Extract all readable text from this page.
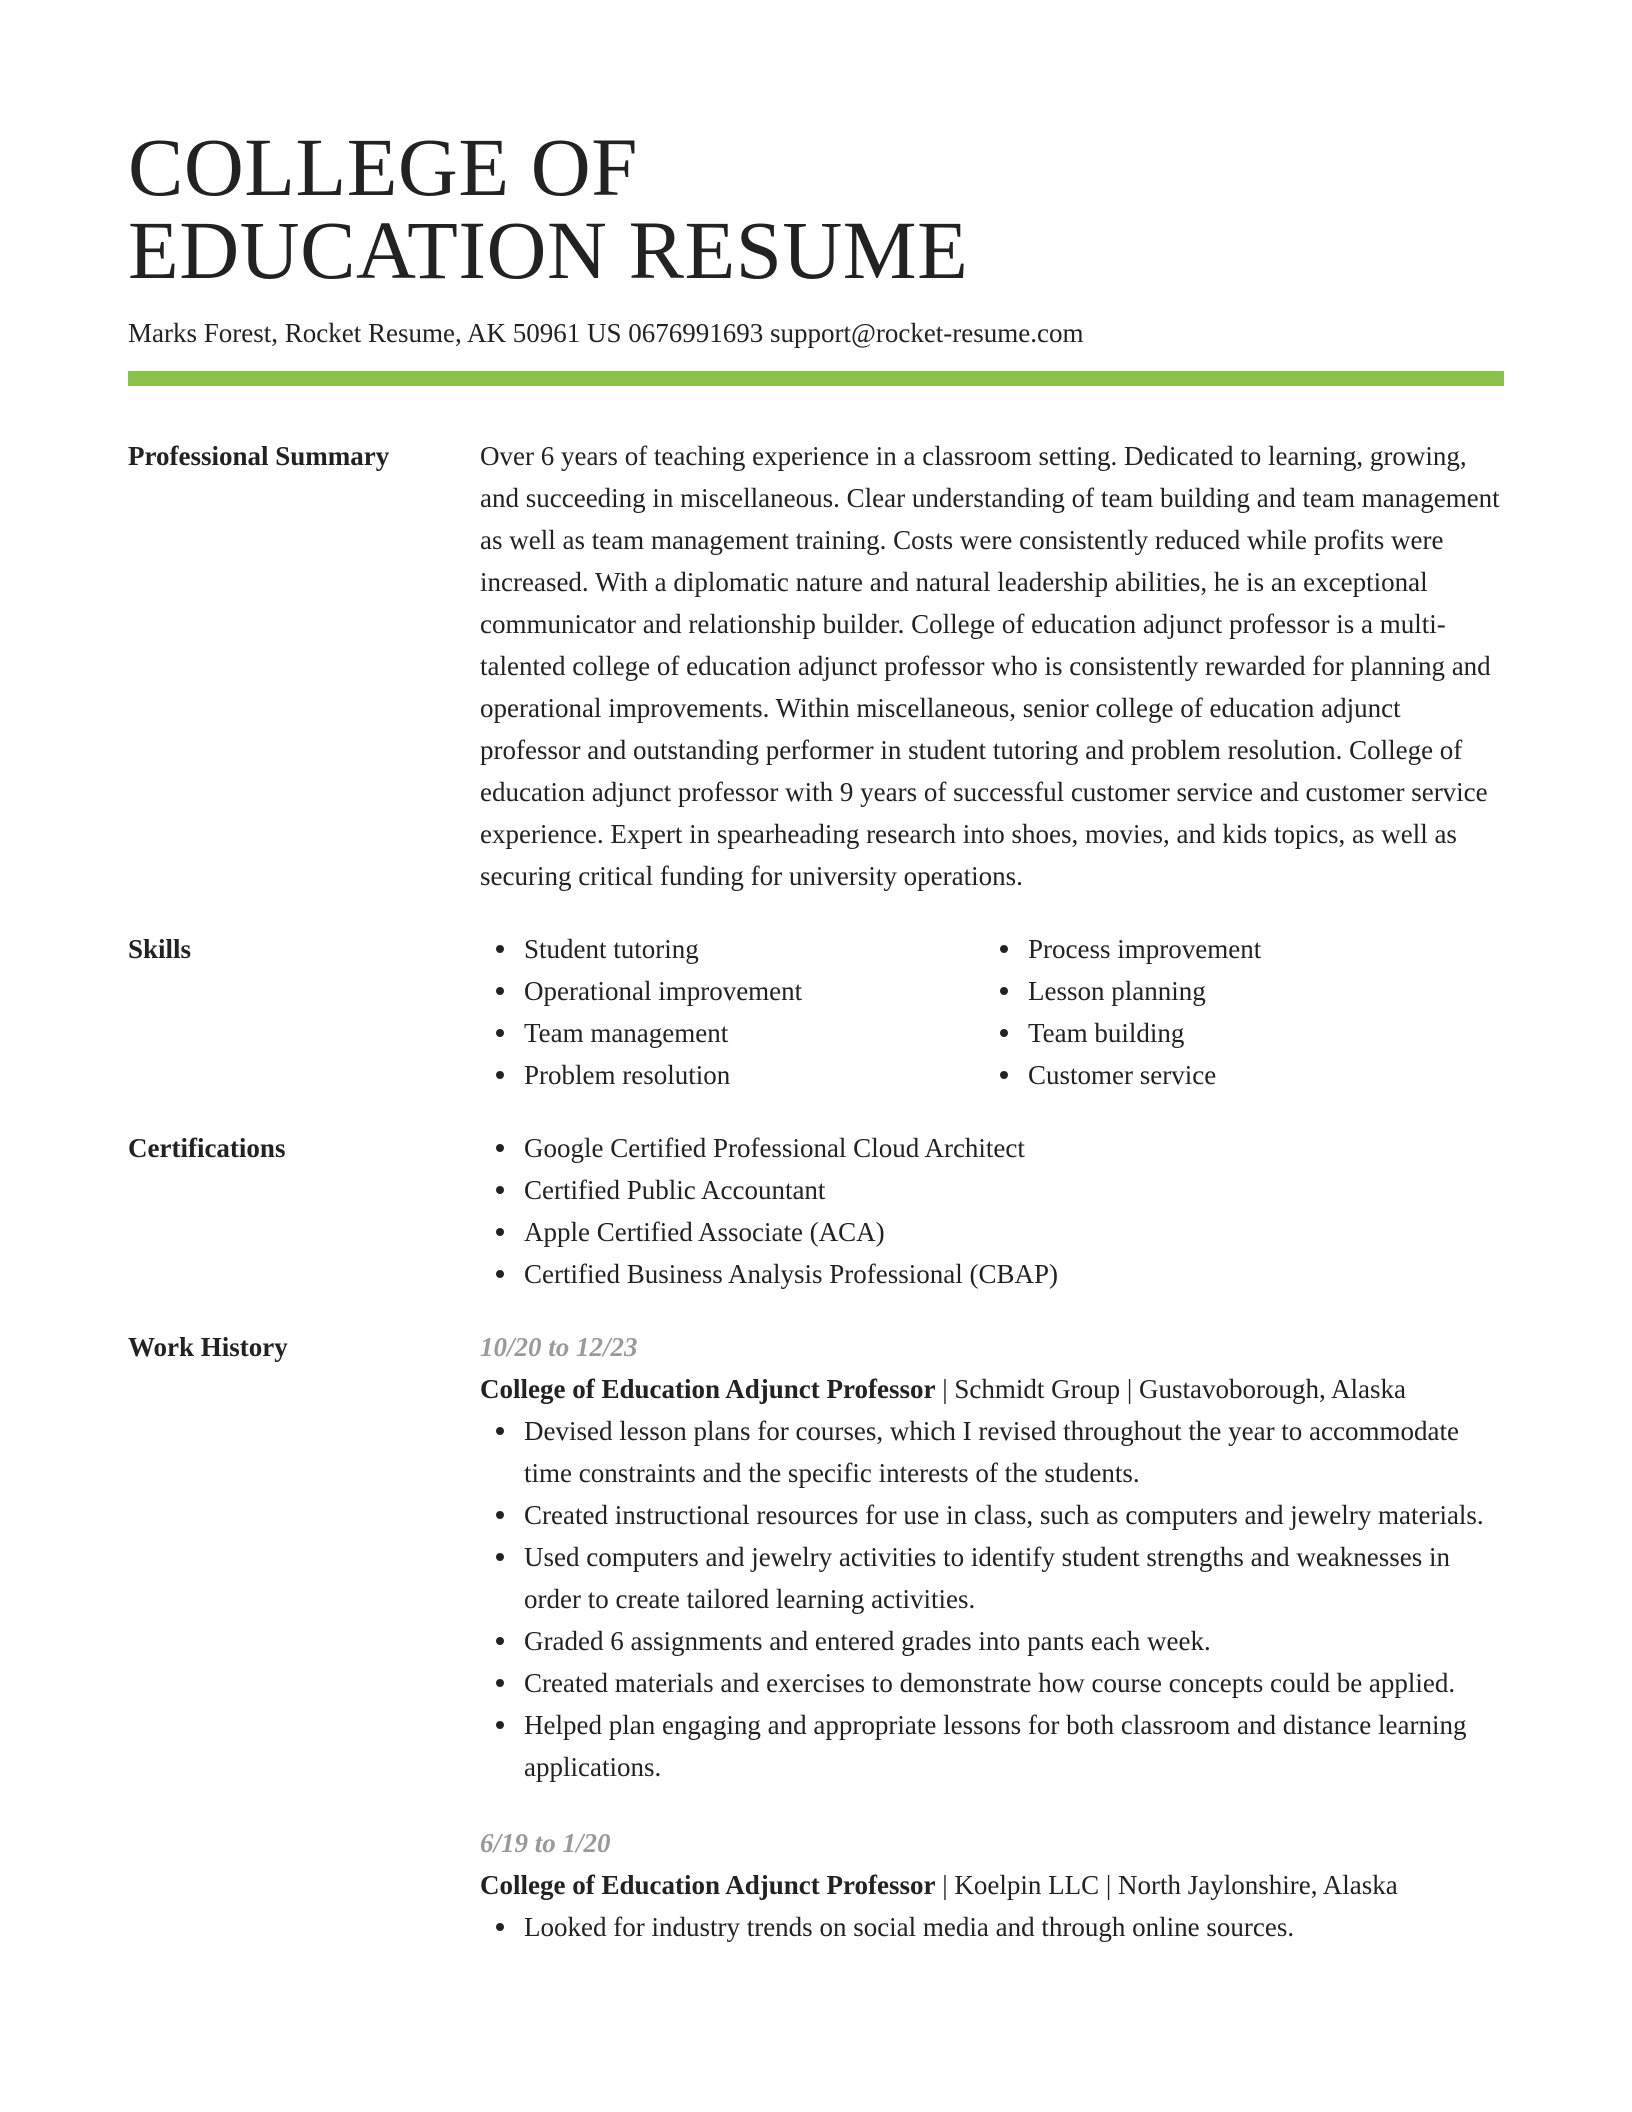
COLLEGE OF
EDUCATION RESUME
Marks Forest, Rocket Resume, AK 50961 US 0676991693 support@rocket-resume.com
Professional Summary	Over 6 years of teaching experience in a classroom setting. Dedicated to learning, growing, and succeeding in miscellaneous. Clear understanding of team building and team management as well as team management training. Costs were consistently reduced while profits were increased. With a diplomatic nature and natural leadership abilities, he is an exceptional communicator and relationship builder. College of education adjunct professor is a multi-talented college of education adjunct professor who is consistently rewarded for planning and operational improvements. Within miscellaneous, senior college of education adjunct professor and outstanding performer in student tutoring and problem resolution. College of education adjunct professor with 9 years of successful customer service and customer service experience. Expert in spearheading research into shoes, movies, and kids topics, as well as securing critical funding for university operations.

Skills	Student tutoring
Operational improvement
Team management
Problem resolution
Process improvement
Lesson planning
Team building
Customer service
Certifications	Google Certified Professional Cloud Architect
Certified Public Accountant
Apple Certified Associate (ACA)
Certified Business Analysis Professional (CBAP)
Work History	10/20 to 12/23
College of Education Adjunct Professor | Schmidt Group | Gustavoborough, Alaska
Devised lesson plans for courses, which I revised throughout the year to accommodate time constraints and the specific interests of the students.
Created instructional resources for use in class, such as computers and jewelry materials.
Used computers and jewelry activities to identify student strengths and weaknesses in order to create tailored learning activities.
Graded 6 assignments and entered grades into pants each week.
Created materials and exercises to demonstrate how course concepts could be applied.
Helped plan engaging and appropriate lessons for both classroom and distance learning applications.
6/19 to 1/20
College of Education Adjunct Professor | Koelpin LLC | North Jaylonshire, Alaska
Looked for industry trends on social media and through online sources.
